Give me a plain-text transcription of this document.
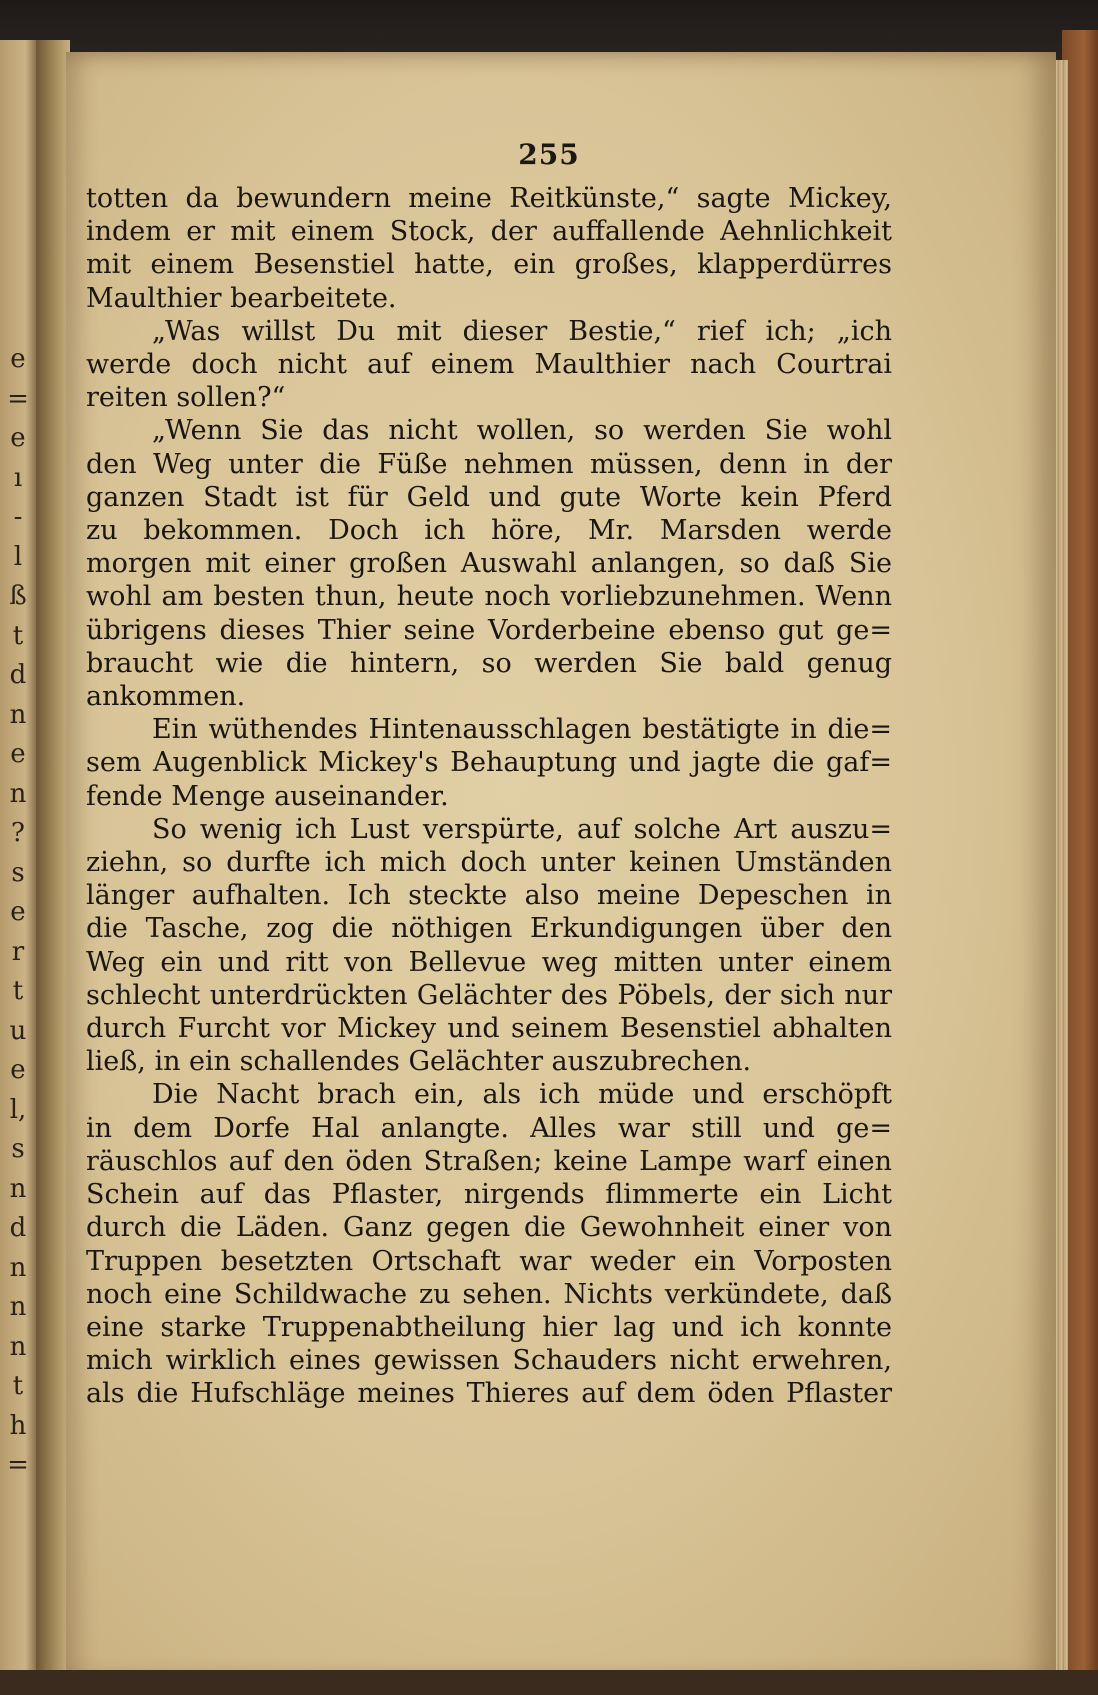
e
=
e
ı
-
l
ß
t
d
n
e
n
?
s
e
r
t
u
e
l,
s
n
d
n
n
n
t
h
=
255
totten da bewundern meine Reitkünste,“ sagte Mickey,
indem er mit einem Stock, der auffallende Aehnlichkeit
mit einem Besenstiel hatte, ein großes, klapperdürres
Maulthier bearbeitete.
„Was willst Du mit dieser Bestie,“ rief ich; „ich
werde doch nicht auf einem Maulthier nach Courtrai
reiten sollen?“
„Wenn Sie das nicht wollen, so werden Sie wohl
den Weg unter die Füße nehmen müssen, denn in der
ganzen Stadt ist für Geld und gute Worte kein Pferd
zu bekommen. Doch ich höre, Mr. Marsden werde
morgen mit einer großen Auswahl anlangen, so daß Sie
wohl am besten thun, heute noch vorliebzunehmen. Wenn
übrigens dieses Thier seine Vorderbeine ebenso gut ge=
braucht wie die hintern, so werden Sie bald genug
ankommen.
Ein wüthendes Hintenausschlagen bestätigte in die=
sem Augenblick Mickey's Behauptung und jagte die gaf=
fende Menge auseinander.
So wenig ich Lust verspürte, auf solche Art auszu=
ziehn, so durfte ich mich doch unter keinen Umständen
länger aufhalten. Ich steckte also meine Depeschen in
die Tasche, zog die nöthigen Erkundigungen über den
Weg ein und ritt von Bellevue weg mitten unter einem
schlecht unterdrückten Gelächter des Pöbels, der sich nur
durch Furcht vor Mickey und seinem Besenstiel abhalten
ließ, in ein schallendes Gelächter auszubrechen.
Die Nacht brach ein, als ich müde und erschöpft
in dem Dorfe Hal anlangte. Alles war still und ge=
räuschlos auf den öden Straßen; keine Lampe warf einen
Schein auf das Pflaster, nirgends flimmerte ein Licht
durch die Läden. Ganz gegen die Gewohnheit einer von
Truppen besetzten Ortschaft war weder ein Vorposten
noch eine Schildwache zu sehen. Nichts verkündete, daß
eine starke Truppenabtheilung hier lag und ich konnte
mich wirklich eines gewissen Schauders nicht erwehren,
als die Hufschläge meines Thieres auf dem öden Pflaster
